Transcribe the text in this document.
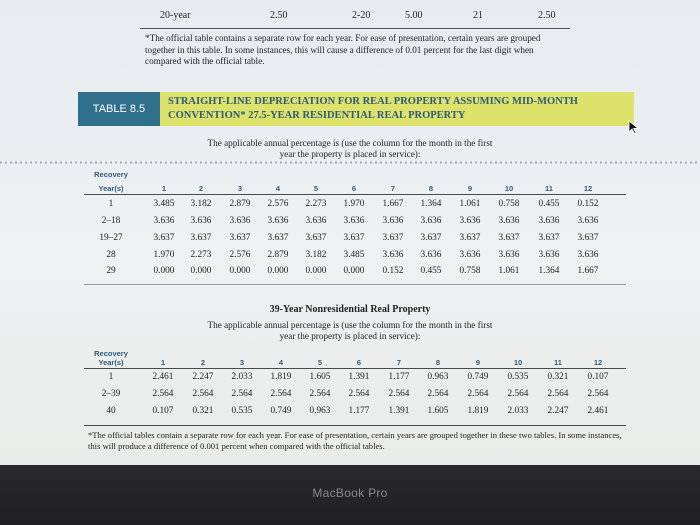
20-year	2.50	2-20	5.00	21	2.50
*The official table contains a separate row for each year. For ease of presentation, certain years are grouped together in this table. In some instances, this will cause a difference of 0.01 percent for the last digit when compared with the official table.
TABLE 8.5
STRAIGHT-LINE DEPRECIATION FOR REAL PROPERTY ASSUMING MID-MONTH CONVENTION* 27.5-YEAR RESIDENTIAL REAL PROPERTY
The applicable annual percentage is (use the column for the month in the first year the property is placed in service):
Recovery
Year(s)	1	2	3	4	5	6	7	8	9	10	11	12
1	3.485	3.182	2.879	2.576	2.273	1.970	1.667	1.364	1.061	0.758	0.455	0.152
2–18	3.636	3.636	3.636	3.636	3.636	3.636	3.636	3.636	3.636	3.636	3.636	3.636
19–27	3.637	3.637	3.637	3.637	3.637	3.637	3.637	3.637	3.637	3.637	3.637	3.637
28	1.970	2.273	2.576	2.879	3.182	3.485	3.636	3.636	3.636	3.636	3.636	3.636
29	0.000	0.000	0.000	0.000	0.000	0.000	0.152	0.455	0.758	1.061	1.364	1.667
39-Year Nonresidential Real Property
The applicable annual percentage is (use the column for the month in the first year the property is placed in service):
Recovery
Year(s)	1	2	3	4	5	6	7	8	9	10	11	12
1	2.461	2.247	2.033	1.819	1.605	1.391	1.177	0.963	0.749	0.535	0.321	0.107
2–39	2.564	2.564	2.564	2.564	2.564	2.564	2.564	2.564	2.564	2.564	2.564	2.564
40	0.107	0.321	0.535	0.749	0.963	1.177	1.391	1.605	1.819	2.033	2.247	2.461
*The official tables contain a separate row for each year. For ease of presentation, certain years are grouped together in these two tables. In some instances, this will produce a difference of 0.001 percent when compared with the official tables.
MacBook Pro
